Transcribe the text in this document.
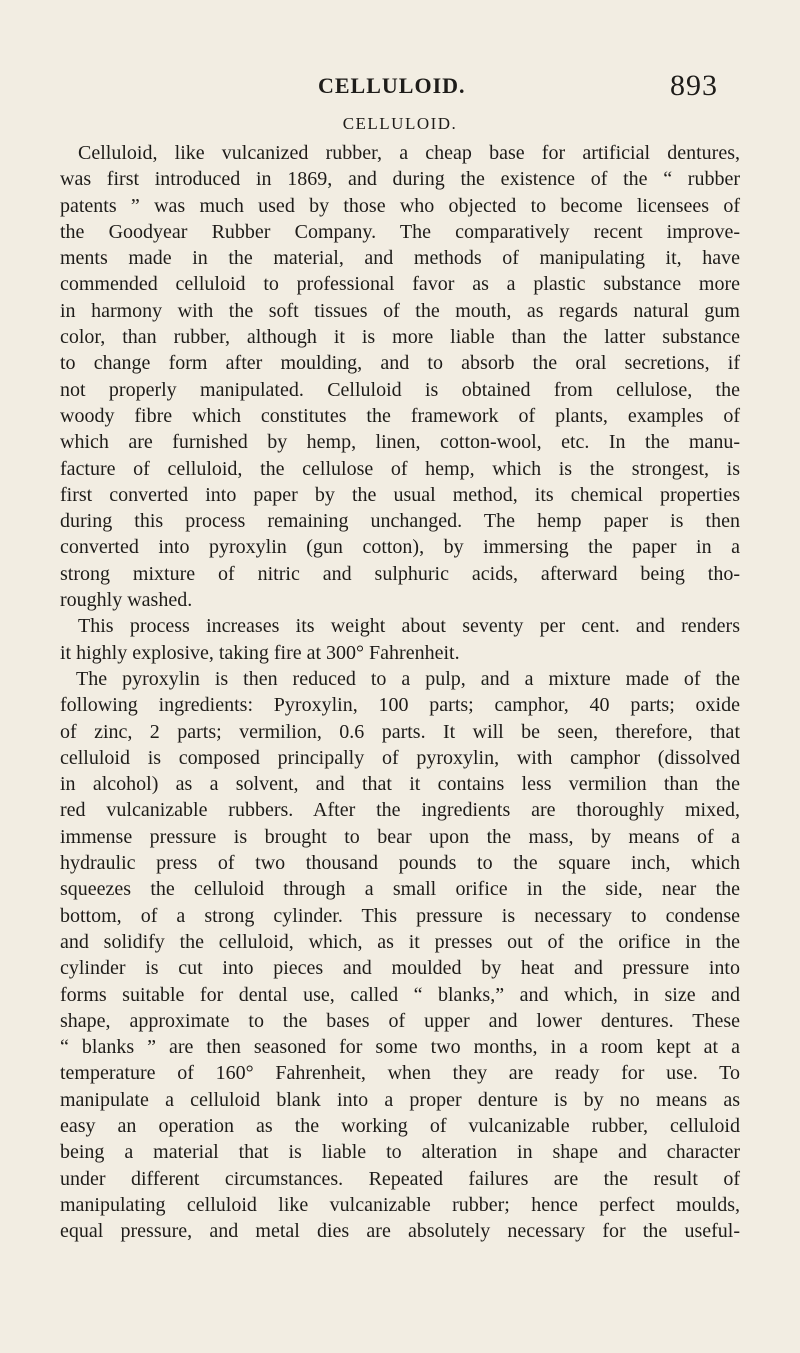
CELLULOID.	893
CELLULOID.
Celluloid, like vulcanized rubber, a cheap base for artificial dentures,
was first introduced in 1869, and during the existence of the “ rubber
patents ” was much used by those who objected to become licensees of
the Goodyear Rubber Company. The comparatively recent improve-
ments made in the material, and methods of manipulating it, have
commended celluloid to professional favor as a plastic substance more
in harmony with the soft tissues of the mouth, as regards natural gum
color, than rubber, although it is more liable than the latter substance
to change form after moulding, and to absorb the oral secretions, if
not properly manipulated. Celluloid is obtained from cellulose, the
woody fibre which constitutes the framework of plants, examples of
which are furnished by hemp, linen, cotton-wool, etc. In the manu-
facture of celluloid, the cellulose of hemp, which is the strongest, is
first converted into paper by the usual method, its chemical properties
during this process remaining unchanged. The hemp paper is then
converted into pyroxylin (gun cotton), by immersing the paper in a
strong mixture of nitric and sulphuric acids, afterward being tho-
roughly washed.
This process increases its weight about seventy per cent. and renders
it highly explosive, taking fire at 300° Fahrenheit.
The pyroxylin is then reduced to a pulp, and a mixture made of the
following ingredients: Pyroxylin, 100 parts; camphor, 40 parts; oxide
of zinc, 2 parts; vermilion, 0.6 parts. It will be seen, therefore, that
celluloid is composed principally of pyroxylin, with camphor (dissolved
in alcohol) as a solvent, and that it contains less vermilion than the
red vulcanizable rubbers. After the ingredients are thoroughly mixed,
immense pressure is brought to bear upon the mass, by means of a
hydraulic press of two thousand pounds to the square inch, which
squeezes the celluloid through a small orifice in the side, near the
bottom, of a strong cylinder. This pressure is necessary to condense
and solidify the celluloid, which, as it presses out of the orifice in the
cylinder is cut into pieces and moulded by heat and pressure into
forms suitable for dental use, called “ blanks,” and which, in size and
shape, approximate to the bases of upper and lower dentures. These
“ blanks ” are then seasoned for some two months, in a room kept at a
temperature of 160° Fahrenheit, when they are ready for use. To
manipulate a celluloid blank into a proper denture is by no means as
easy an operation as the working of vulcanizable rubber, celluloid
being a material that is liable to alteration in shape and character
under different circumstances. Repeated failures are the result of
manipulating celluloid like vulcanizable rubber; hence perfect moulds,
equal pressure, and metal dies are absolutely necessary for the useful-
